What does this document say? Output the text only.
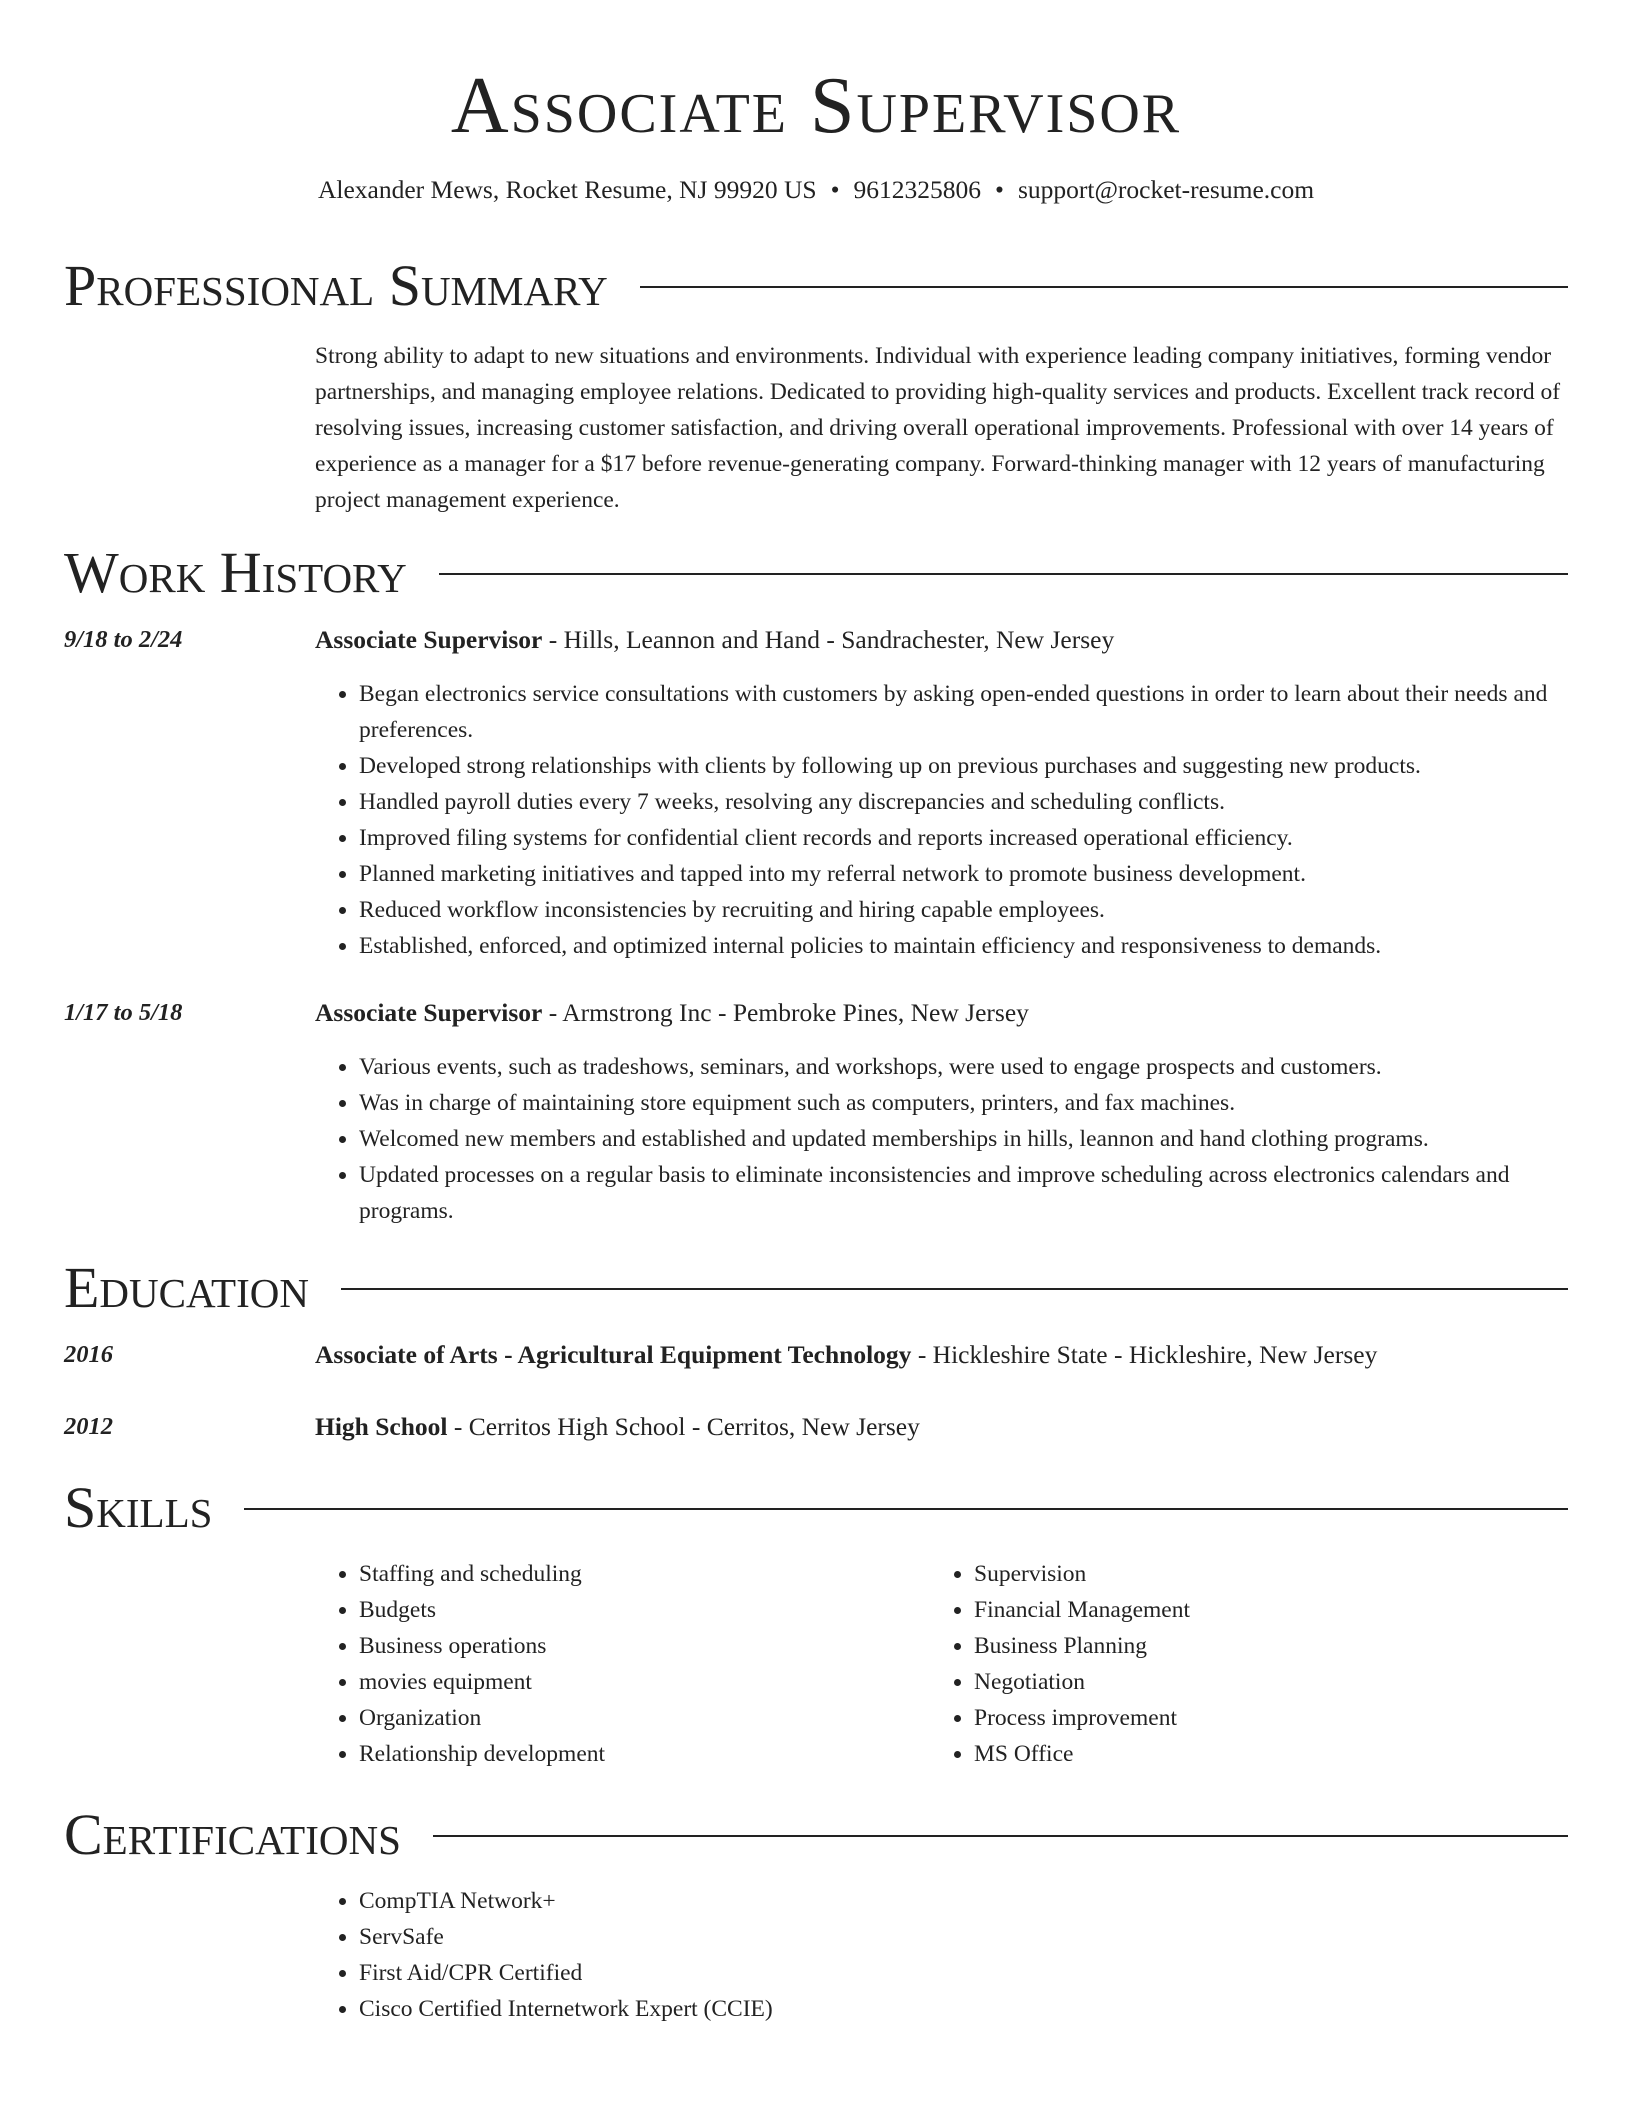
Associate Supervisor
Alexander Mews, Rocket Resume, NJ 99920 US • 9612325806 • support@rocket-resume.com
Professional Summary

Strong ability to adapt to new situations and environments. Individual with experience leading company initiatives, forming vendor partnerships, and managing employee relations. Dedicated to providing high-quality services and products. Excellent track record of resolving issues, increasing customer satisfaction, and driving overall operational improvements. Professional with over 14 years of experience as a manager for a $17 before revenue-generating company. Forward-thinking manager with 12 years of manufacturing project management experience.

Work History
9/18 to 2/24	Associate Supervisor - Hills, Leannon and Hand - Sandrachester, New Jersey
• Began electronics service consultations with customers by asking open-ended questions in order to learn about their needs and preferences.
• Developed strong relationships with clients by following up on previous purchases and suggesting new products.
• Handled payroll duties every 7 weeks, resolving any discrepancies and scheduling conflicts.
• Improved filing systems for confidential client records and reports increased operational efficiency.
• Planned marketing initiatives and tapped into my referral network to promote business development.
• Reduced workflow inconsistencies by recruiting and hiring capable employees.
• Established, enforced, and optimized internal policies to maintain efficiency and responsiveness to demands.
1/17 to 5/18	Associate Supervisor - Armstrong Inc - Pembroke Pines, New Jersey
• Various events, such as tradeshows, seminars, and workshops, were used to engage prospects and customers.
• Was in charge of maintaining store equipment such as computers, printers, and fax machines.
• Welcomed new members and established and updated memberships in hills, leannon and hand clothing programs.
• Updated processes on a regular basis to eliminate inconsistencies and improve scheduling across electronics calendars and programs.
Education
2016	Associate of Arts - Agricultural Equipment Technology - Hickleshire State - Hickleshire, New Jersey
2012	High School - Cerritos High School - Cerritos, New Jersey
Skills
• Staffing and scheduling
• Budgets
• Business operations
• movies equipment
• Organization
• Relationship development
• Supervision
• Financial Management
• Business Planning
• Negotiation
• Process improvement
• MS Office
Certifications
• CompTIA Network+
• ServSafe
• First Aid/CPR Certified
• Cisco Certified Internetwork Expert (CCIE)
